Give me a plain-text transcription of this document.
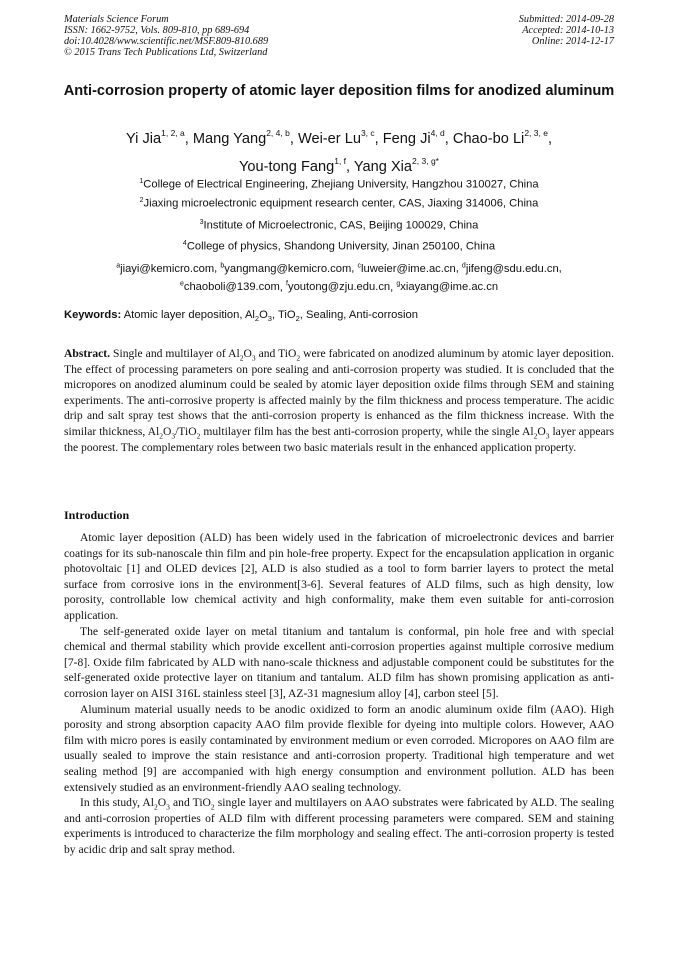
Materials Science Forum
ISSN: 1662-9752, Vols. 809-810, pp 689-694
doi:10.4028/www.scientific.net/MSF.809-810.689
© 2015 Trans Tech Publications Ltd, Switzerland
Submitted: 2014-09-28
Accepted: 2014-10-13
Online: 2014-12-17
Anti-corrosion property of atomic layer deposition films for anodized aluminum
Yi Jia$^{1, 2, a}$, Mang Yang$^{2, 4, b}$, Wei-er Lu$^{3, c}$, Feng Ji$^{4, d}$, Chao-bo Li$^{2, 3, e}$,
You-tong Fang$^{1, f}$, Yang Xia$^{2, 3, g*}$
$^1$College of Electrical Engineering, Zhejiang University, Hangzhou 310027, China
$^2$Jiaxing microelectronic equipment research center, CAS, Jiaxing 314006, China
$^3$Institute of Microelectronic, CAS, Beijing 100029, China
$^4$College of physics, Shandong University, Jinan 250100, China
$^a$jiayi@kemicro.com, $^b$yangmang@kemicro.com, $^c$luweier@ime.ac.cn, $^d$jifeng@sdu.edu.cn,
$^e$chaoboli@139.com, $^f$youtong@zju.edu.cn, $^g$xiayang@ime.ac.cn
Keywords: Atomic layer deposition, $Al_2O_3$, TiO$_2$, Sealing, Anti-corrosion

Abstract. Single and multilayer of $Al_2O_3$ and TiO$_2$ were fabricated on anodized aluminum by atomic layer deposition. The effect of processing parameters on pore sealing and anti-corrosion property was studied. It is concluded that the micropores on anodized aluminum could be sealed by atomic layer deposition oxide films through SEM and staining experiments. The anti-corrosive property is affected mainly by the film thickness and process temperature. The acidic drip and salt spray test shows that the anti-corrosion property is enhanced as the film thickness increase. With the similar thickness, $Al_2O_3/TiO_2$ multilayer film has the best anti-corrosion property, while the single $Al_2O_3$ layer appears the poorest. The complementary roles between two basic materials result in the enhanced application property.

Introduction

Atomic layer deposition (ALD) has been widely used in the fabrication of microelectronic devices and barrier coatings for its sub-nanoscale thin film and pin hole-free property. Expect for the encapsulation application in organic photovoltaic [1] and OLED devices [2], ALD is also studied as a tool to form barrier layers to protect the metal surface from corrosive ions in the environment[3-6]. Several features of ALD films, such as high density, low porosity, controllable low chemical activity and high conformality, make them even suitable for anti-corrosion application.

The self-generated oxide layer on metal titanium and tantalum is conformal, pin hole free and with special chemical and thermal stability which provide excellent anti-corrosion properties against multiple corrosive medium [7-8]. Oxide film fabricated by ALD with nano-scale thickness and adjustable component could be substitutes for the self-generated oxide protective layer on titanium and tantalum. ALD film has shown promising application as anti-corrosion layer on AISI 316L stainless steel [3], AZ-31 magnesium alloy [4], carbon steel [5].

Aluminum material usually needs to be anodic oxidized to form an anodic aluminum oxide film (AAO). High porosity and strong absorption capacity AAO film provide flexible for dyeing into multiple colors. However, AAO film with micro pores is easily contaminated by environment medium or even corroded. Micropores on AAO film are usually sealed to improve the stain resistance and anti-corrosion property. Traditional high temperature and wet sealing method [9] are accompanied with high energy consumption and environment pollution. ALD has been extensively studied as an environment-friendly AAO sealing technology.

In this study, $Al_2O_3$ and TiO$_2$ single layer and multilayers on AAO substrates were fabricated by ALD. The sealing and anti-corrosion properties of ALD film with different processing parameters were compared. SEM and staining experiments is introduced to characterize the film morphology and sealing effect. The anti-corrosion property is tested by acidic drip and salt spray method.
